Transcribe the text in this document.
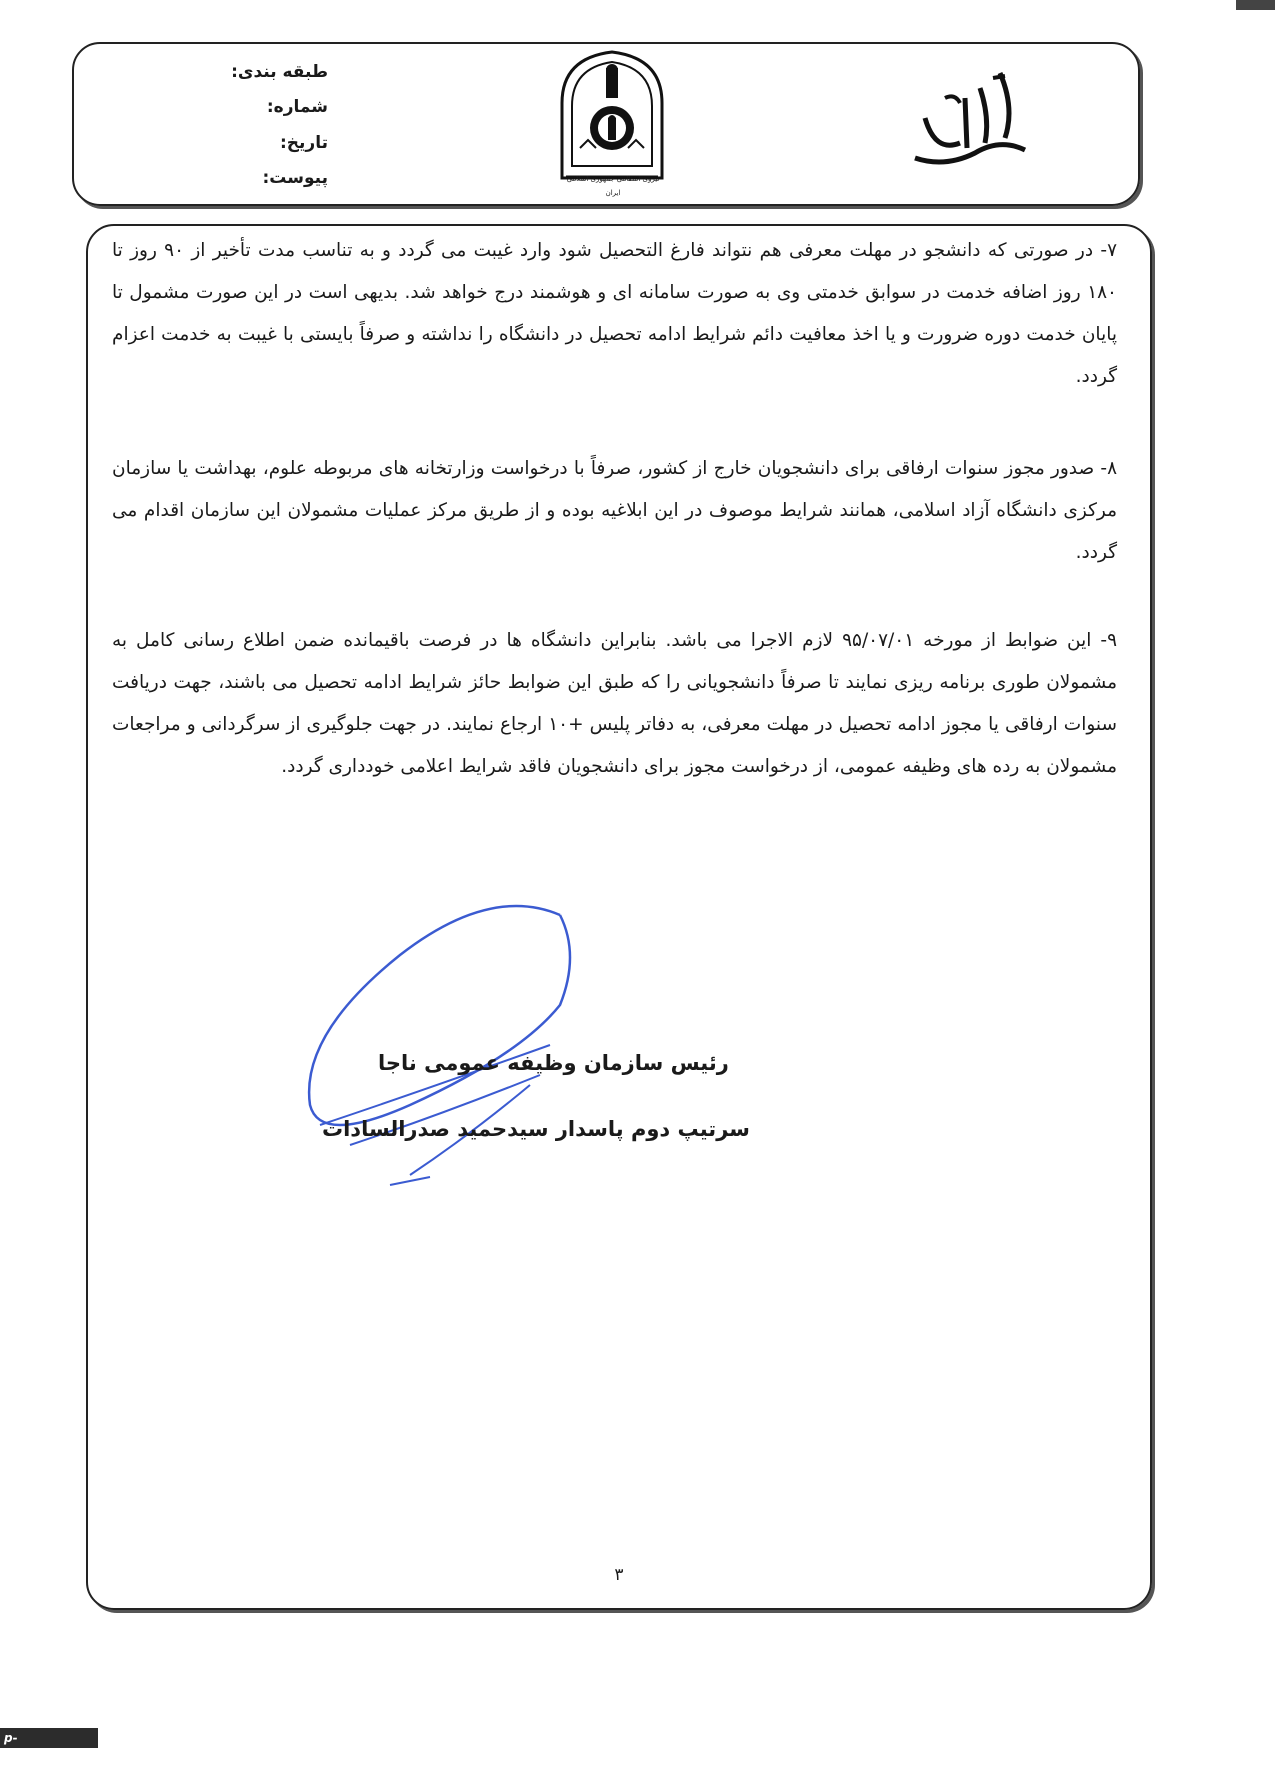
طبقه بندی:
شماره:
تاریخ:
پیوست:	نیروی انتظامی جمهوری اسلامی ایران

۷- در صورتی که دانشجو در مهلت معرفی هم نتواند فارغ التحصیل شود وارد غیبت می گردد و به تناسب مدت تأخیر از ۹۰ روز تا ۱۸۰ روز اضافه خدمت در سوابق خدمتی وی به صورت سامانه ای و هوشمند درج خواهد شد. بدیهی است در این صورت مشمول تا پایان خدمت دوره ضرورت و یا اخذ معافیت دائم شرایط ادامه تحصیل در دانشگاه را نداشته و صرفاً بایستی با غیبت به خدمت اعزام گردد.

۸- صدور مجوز سنوات ارفاقی برای دانشجویان خارج از کشور، صرفاً با درخواست وزارتخانه های مربوطه علوم، بهداشت یا سازمان مرکزی دانشگاه آزاد اسلامی، همانند شرایط موصوف در این ابلاغیه بوده و از طریق مرکز عملیات مشمولان این سازمان اقدام می گردد.

۹- این ضوابط از مورخه ۹۵/۰۷/۰۱ لازم الاجرا می باشد. بنابراین دانشگاه ها در فرصت باقیمانده ضمن اطلاع رسانی کامل به مشمولان طوری برنامه ریزی نمایند تا صرفاً دانشجویانی را که طبق این ضوابط حائز شرایط ادامه تحصیل می باشند، جهت دریافت سنوات ارفاقی یا مجوز ادامه تحصیل در مهلت معرفی، به دفاتر پلیس +۱۰ ارجاع نمایند. در جهت جلوگیری از سرگردانی و مراجعات مشمولان به رده های وظیفه عمومی، از درخواست مجوز برای دانشجویان فاقد شرایط اعلامی خودداری گردد.

رئیس سازمان وظیفه عمومی ناجا
سرتیپ دوم پاسدار سیدحمید صدرالسادات
۳
p-babol.tvu.ac.ir
